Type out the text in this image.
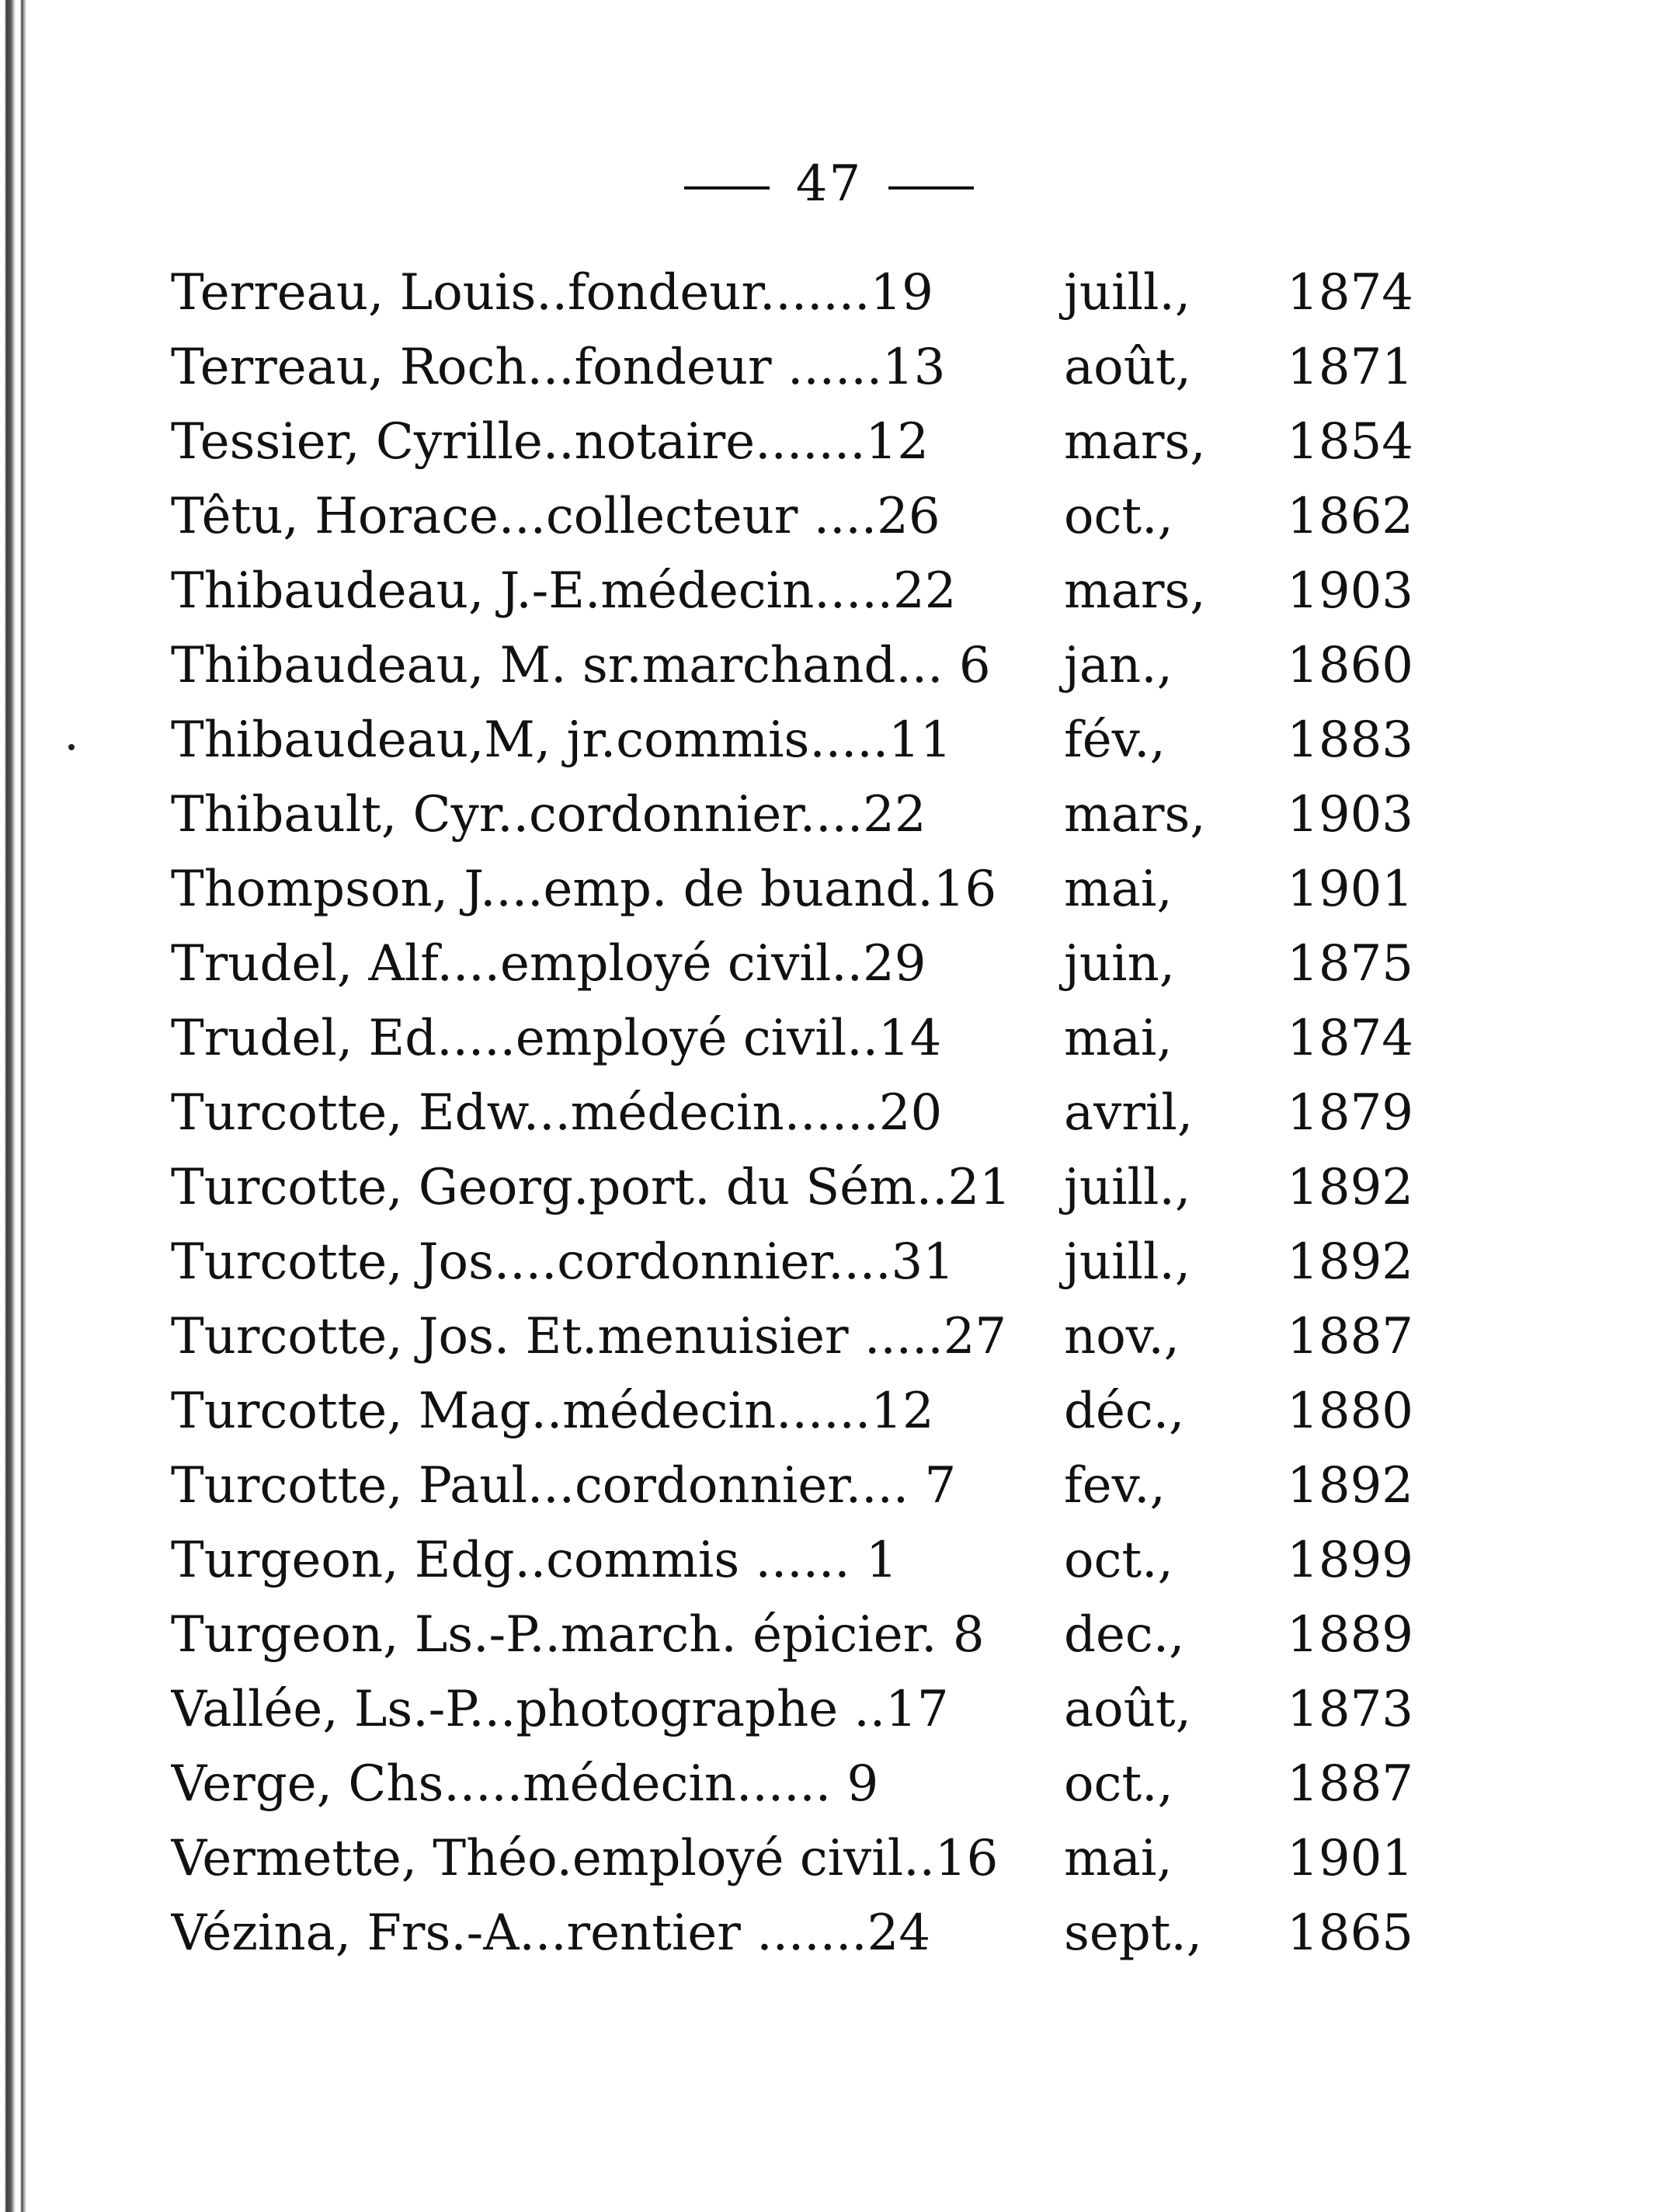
47
Terreau, Louis..fondeur.......19	juill.,	1874
Terreau, Roch...fondeur ......13	août,	1871
Tessier, Cyrille..notaire.......12	mars,	1854
Têtu, Horace...collecteur ....26	oct.,	1862
Thibaudeau, J.-E.médecin.....22	mars,	1903
Thibaudeau, M. sr.marchand... 6	jan.,	1860
Thibaudeau,M, jr.commis.....11	fév.,	1883
Thibault, Cyr..cordonnier....22	mars,	1903
Thompson, J....emp. de buand.16	mai,	1901
Trudel, Alf....employé civil..29	juin,	1875
Trudel, Ed.....employé civil..14	mai,	1874
Turcotte, Edw...médecin......20	avril,	1879
Turcotte, Georg.port. du Sém..21	juill.,	1892
Turcotte, Jos....cordonnier....31	juill.,	1892
Turcotte, Jos. Et.menuisier .....27	nov.,	1887
Turcotte, Mag..médecin......12	déc.,	1880
Turcotte, Paul...cordonnier.... 7	fev.,	1892
Turgeon, Edg..commis ...... 1	oct.,	1899
Turgeon, Ls.-P..march. épicier. 8	dec.,	1889
Vallée, Ls.-P...photographe ..17	août,	1873
Verge, Chs.....médecin...... 9	oct.,	1887
Vermette, Théo.employé civil..16	mai,	1901
Vézina, Frs.-A...rentier .......24	sept.,	1865
